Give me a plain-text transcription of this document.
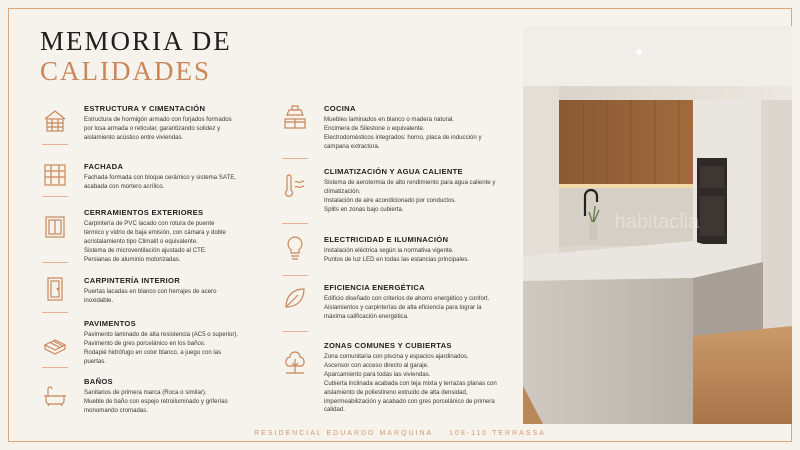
MEMORIA DE
CALIDADES
ESTRUCTURA Y CIMENTACIÓN
Estructura de hormigón armado con forjados formados
por losa armada o reticular, garantizando solidez y
aislamiento acústico entre viviendas.
FACHADA
Fachada formada con bloque cerámico y sistema SATE,
acabada con mortero acrílico.
CERRAMIENTOS EXTERIORES
Carpintería de PVC lacado con rotura de puente
térmico y vidrio de baja emisión, con cámara y doble
acristalamiento tipo Climalit o equivalente.
Sistema de microventilación ajustado al CTE.
Persianas de aluminio motorizadas.
CARPINTERÍA INTERIOR
Puertas lacadas en blanco con herrajes de acero
inoxidable.
PAVIMENTOS
Pavimento laminado de alta resistencia (AC5 o superior).
Pavimento de gres porcelánico en los baños.
Rodapié hidrófugo en color blanco, a juego con las
puertas.
BAÑOS
Sanitarios de primera marca (Roca o similar).
Mueble de baño con espejo retroiluminado y griferías
monomando cromadas.
COCINA
Muebles laminados en blanco o madera natural.
Encimera de Silestone o equivalente.
Electrodomésticos integrados: horno, placa de inducción y
campana extractora.
CLIMATIZACIÓN Y AGUA CALIENTE
Sistema de aerotermia de alto rendimiento para agua caliente y
climatización.
Instalación de aire acondicionado por conductos.
Splits en zonas bajo cubierta.
ELECTRICIDAD E ILUMINACIÓN
Instalación eléctrica según la normativa vigente.
Puntos de luz LED en todas las estancias principales.
EFICIENCIA ENERGÉTICA
Edificio diseñado con criterios de ahorro energético y confort.
Aislamientos y carpinterías de alta eficiencia para lograr la
máxima calificación energética.
ZONAS COMUNES Y CUBIERTAS
Zona comunitaria con piscina y espacios ajardinados.
Ascensor con acceso directo al garaje.
Aparcamiento para todas las viviendas.
Cubierta inclinada acabada con teja mixta y terrazas planas con
aislamiento de poliestireno extruido de alta densidad,
impermeabilización y acabado con gres porcelánico de primera
calidad.
habitaclia
RESIDENCIAL EDUARDO MARQUINA 108-110 TERRASSA
